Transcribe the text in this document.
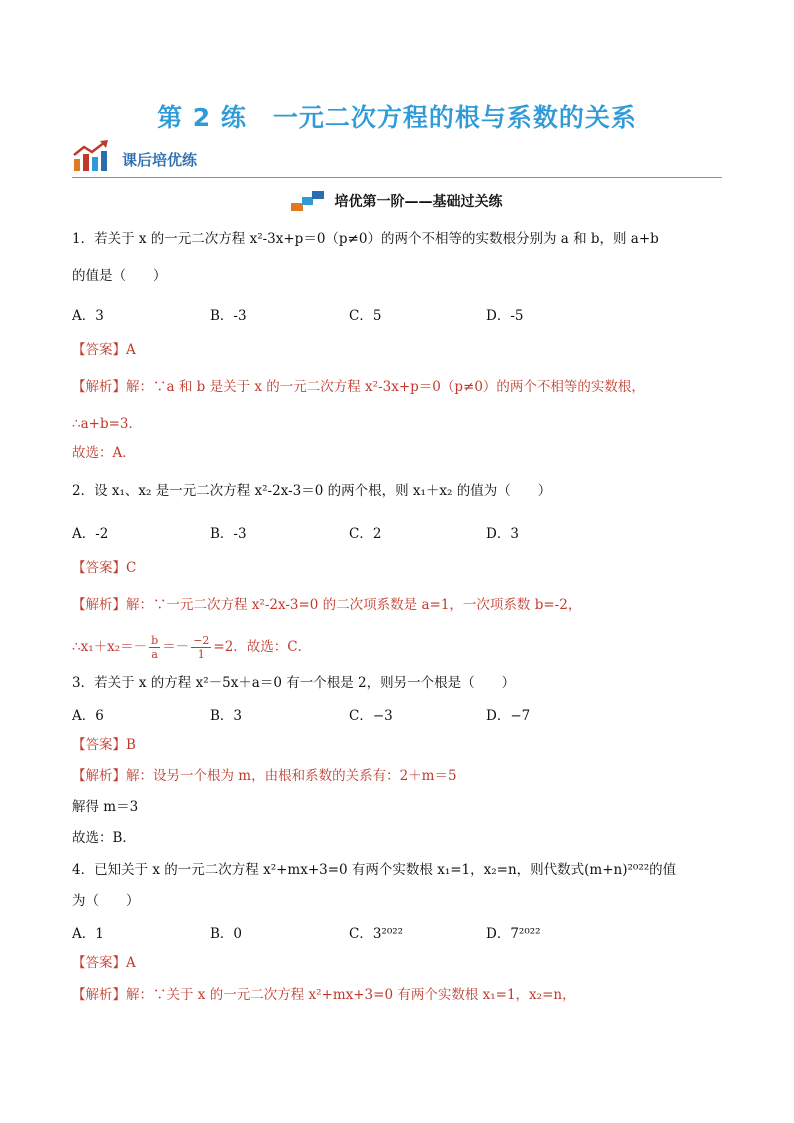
第 2 练　一元二次方程的根与系数的关系
课后培优练
培优第一阶——基础过关练
1．若关于 x 的一元二次方程 x²-3x+p＝0（p≠0）的两个不相等的实数根分别为 a 和 b，则 a+b
的值是（　　）
A．3	B．-3	C．5	D．-5
【答案】A
【解析】解：∵a 和 b 是关于 x 的一元二次方程 x²-3x+p＝0（p≠0）的两个不相等的实数根，
∴a+b=3．
故选：A．
2．设 x₁、x₂ 是一元二次方程 x²-2x-3＝0 的两个根，则 x₁＋x₂ 的值为（　　）
A．-2	B．-3	C．2	D．3
【答案】C
【解析】解：∵一元二次方程 x²-2x-3=0 的二次项系数是 a=1，一次项系数 b=-2，
∴x₁＋x₂＝－ $\frac{b}{a} =- \frac{-2}{1} =2$．故选：C．
3．若关于 x 的方程 x²－5x＋a＝0 有一个根是 2，则另一个根是（　　）
A．6	B．3	C．−3	D．−7
【答案】B
【解析】解：设另一个根为 m，由根和系数的关系有：2＋m＝5
解得 m＝3
故选：B．
4．已知关于 x 的一元二次方程 x²+mx+3=0 有两个实数根 x₁=1，x₂=n，则代数式(m+n)²⁰²²的值
为（　　）
A．1	B．0	C．3²⁰²²	D．7²⁰²²
【答案】A
【解析】解：∵关于 x 的一元二次方程 x²+mx+3=0 有两个实数根 x₁=1，x₂=n，
